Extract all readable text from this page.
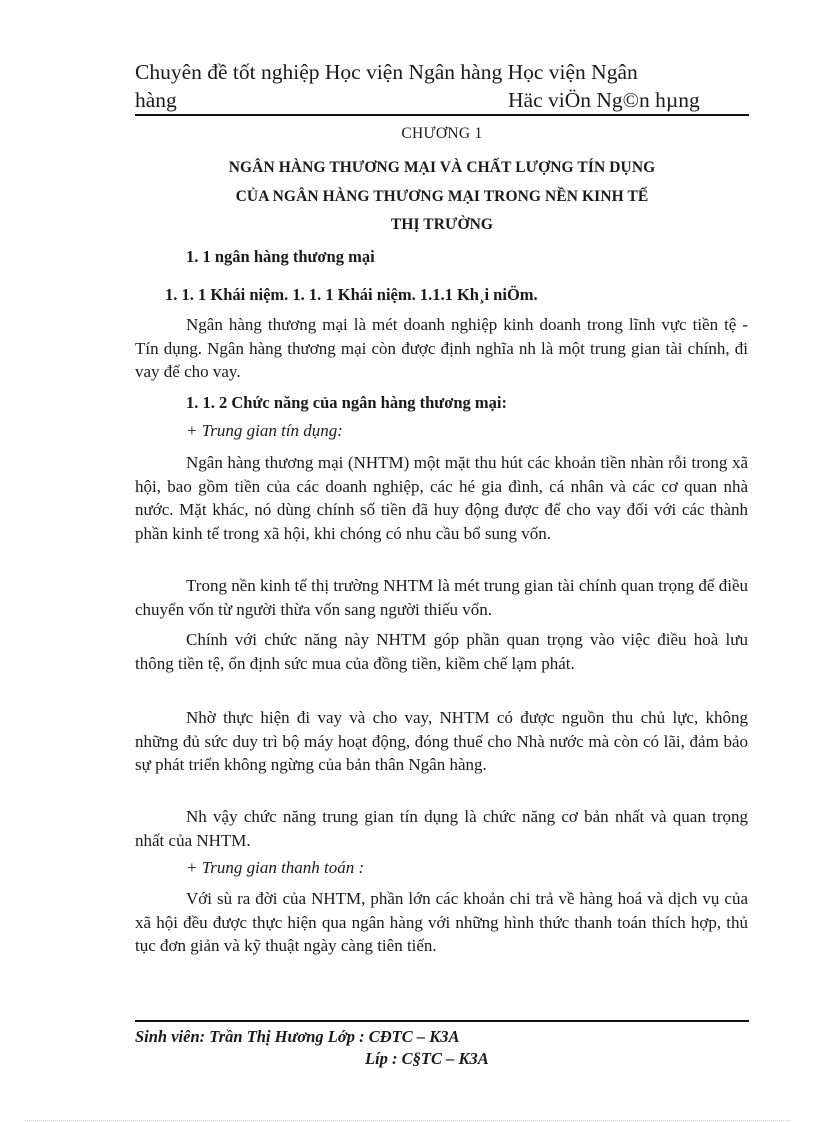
Chuyên đề tốt nghiệp Học viện Ngân hàng Học viện Ngân
hàng	Häc viÖn Ng©n hµng
CHƯƠNG 1
NGÂN HÀNG THƯƠNG MẠI VÀ CHẤT LƯỢNG TÍN DỤNG
CỦA NGÂN HÀNG THƯƠNG MẠI TRONG NỀN KINH TẾ
THỊ TRƯỜNG
1. 1 ngân hàng thương mại
1. 1. 1 Khái niệm. 1. 1. 1 Khái niệm. 1.1.1 Kh¸i niÖm.

Ngân hàng thương mại là mét doanh nghiệp kinh doanh trong lĩnh vực tiền tệ - Tín dụng. Ngân hàng thương mại còn được định nghĩa nh là một trung gian tài chính, đi vay để cho vay.

1. 1. 2 Chức năng của ngân hàng thương mại:
+ Trung gian tín dụng:

Ngân hàng thương mại (NHTM) một mặt thu hút các khoản tiền nhàn rỗi trong xã hội, bao gồm tiền của các doanh nghiệp, các hé gia đình, cá nhân và các cơ quan nhà nước. Mặt khác, nó dùng chính số tiền đã huy động được để cho vay đối với các thành phần kinh tế trong xã hội, khi chóng có nhu cầu bổ sung vốn.

Trong nền kinh tế thị trường NHTM là mét trung gian tài chính quan trọng để điều chuyển vốn từ người thừa vốn sang người thiếu vốn.

Chính với chức năng này NHTM góp phần quan trọng vào việc điều hoà lưu thông tiền tệ, ổn định sức mua của đồng tiền, kiềm chế lạm phát.

Nhờ thực hiện đi vay và cho vay, NHTM có được nguồn thu chủ lực, không những đủ sức duy trì bộ máy hoạt động, đóng thuế cho Nhà nước mà còn có lãi, đảm bảo sự phát triển không ngừng của bản thân Ngân hàng.

Nh vậy chức năng trung gian tín dụng là chức năng cơ bản nhất và quan trọng nhất của NHTM.

+ Trung gian thanh toán :

Với sù ra đời của NHTM, phần lớn các khoản chi trả về hàng hoá và dịch vụ của xã hội đều được thực hiện qua ngân hàng với những hình thức thanh toán thích hợp, thủ tục đơn giản và kỹ thuật ngày càng tiên tiến.

Sinh viên: Trần Thị Hương Lớp : CĐTC – K3A
Líp : C§TC – K3A
